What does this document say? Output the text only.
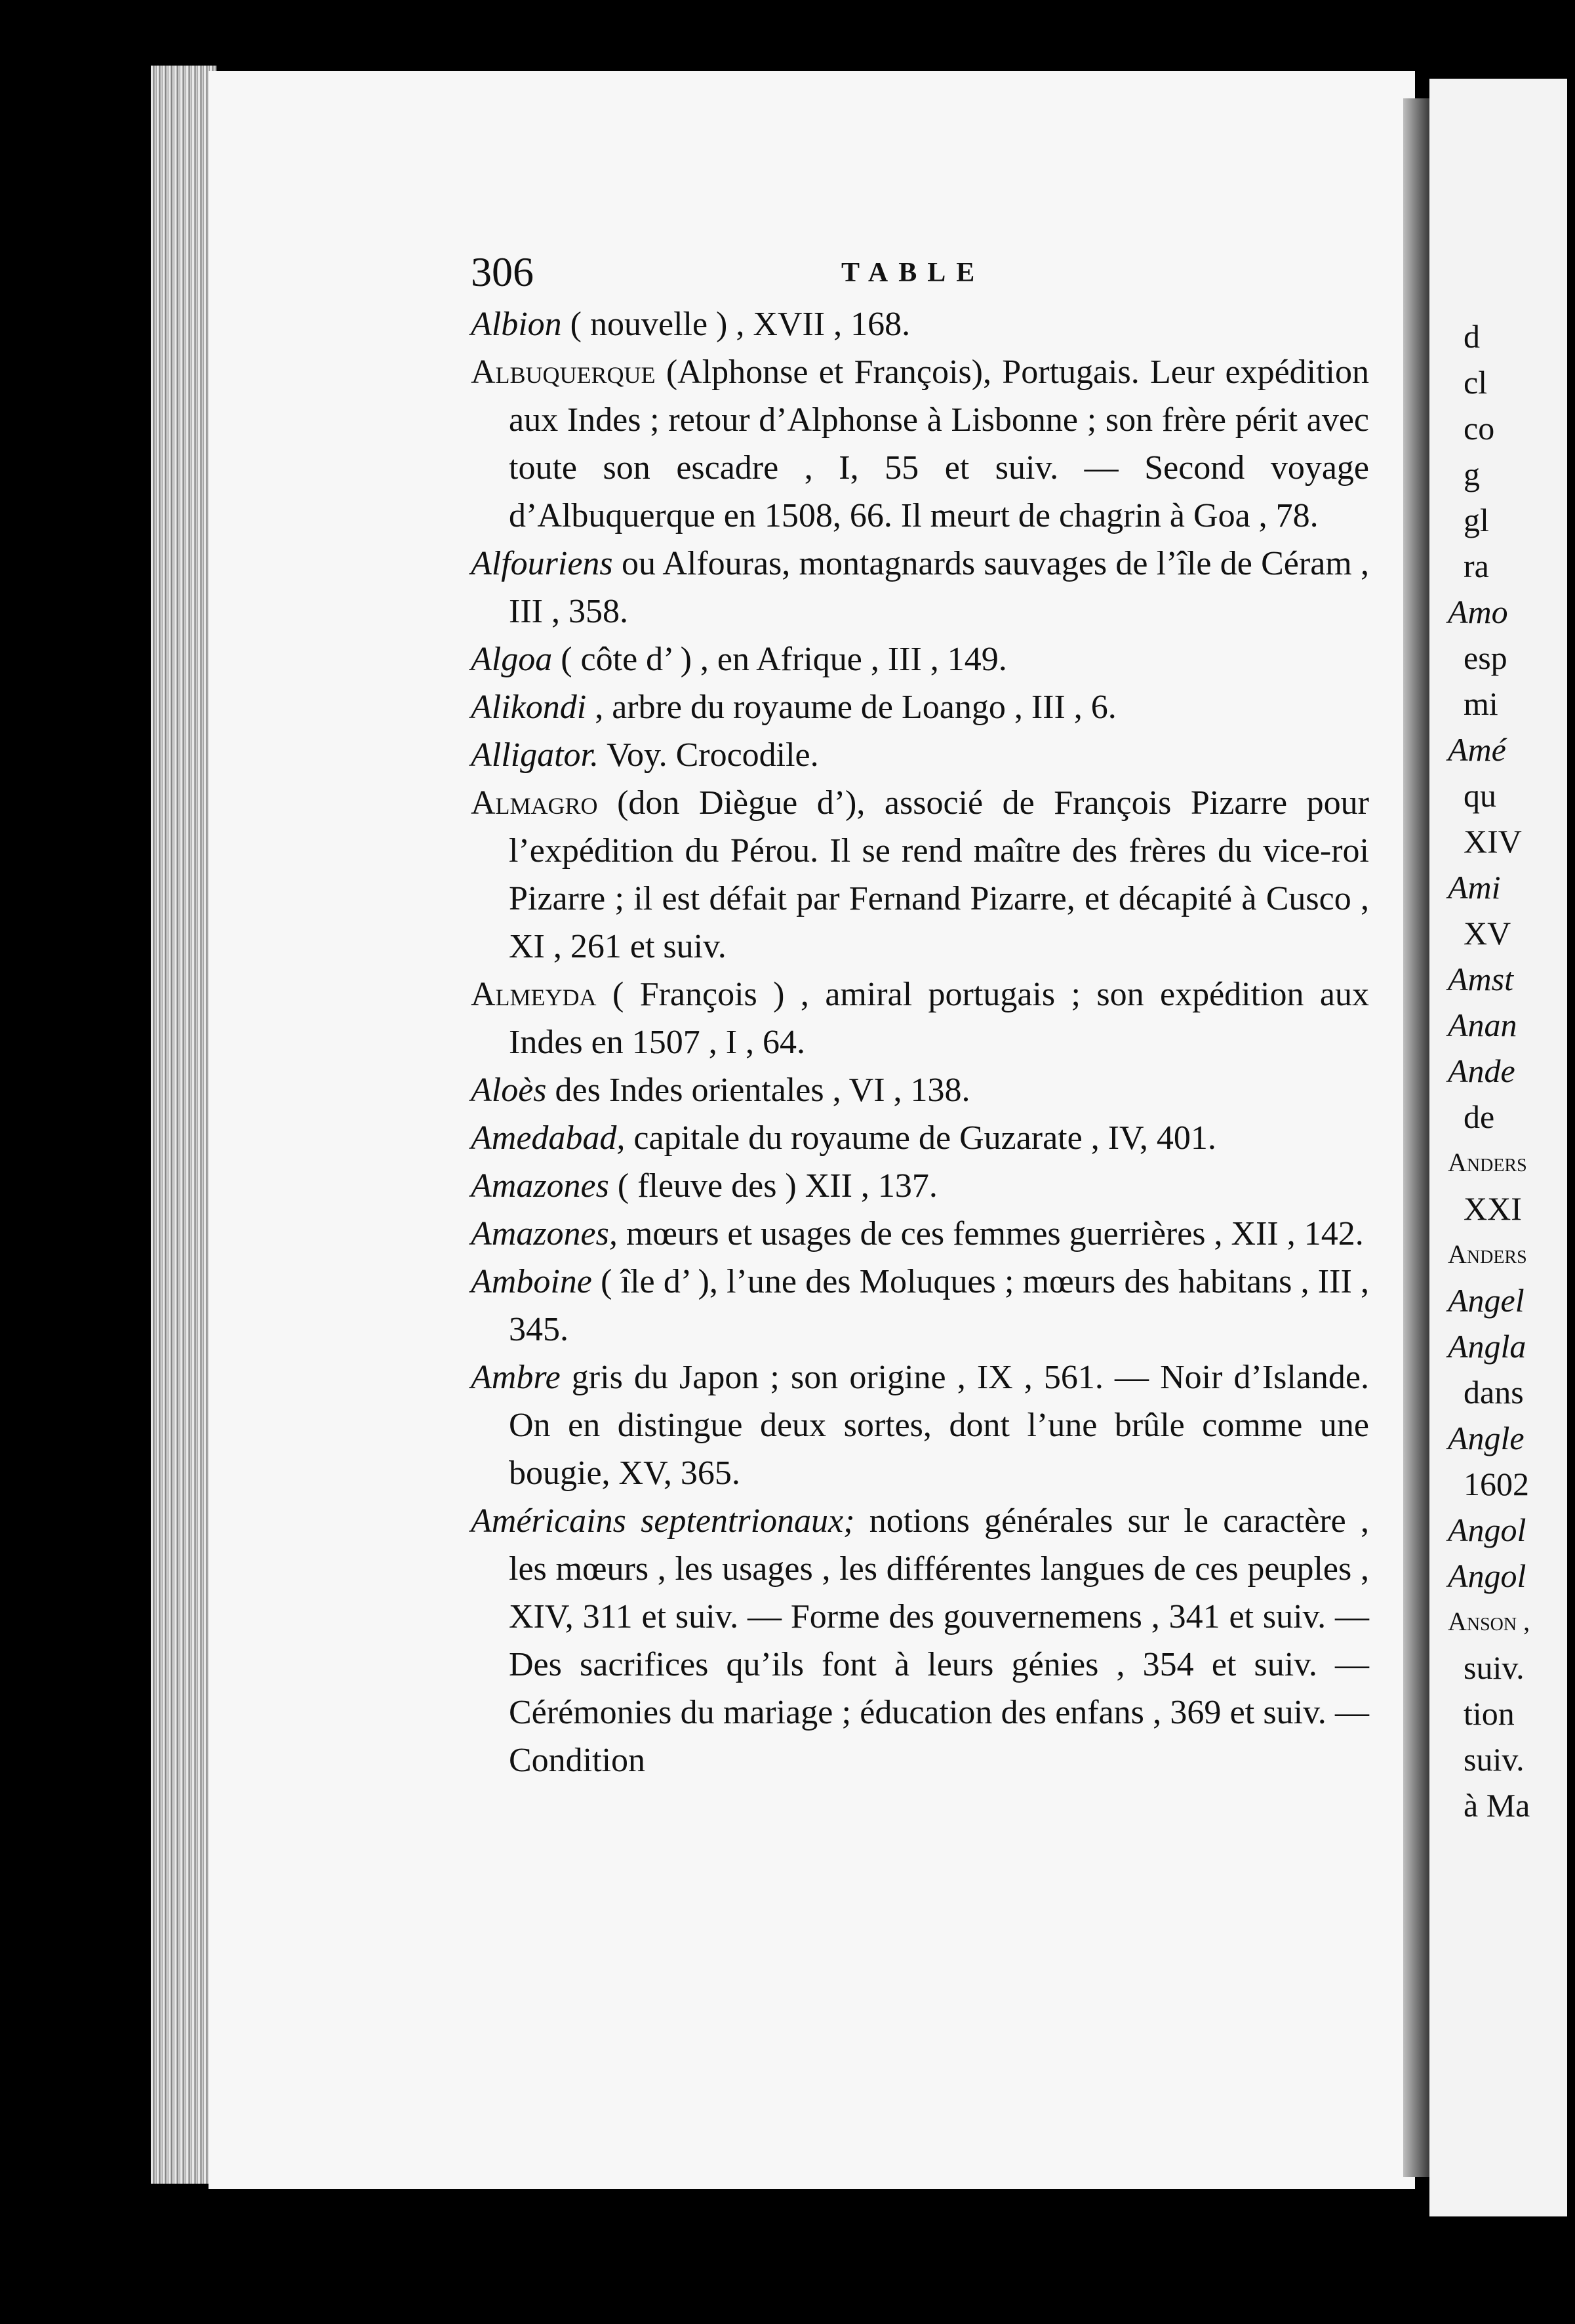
306	TABLE

Albion ( nouvelle ) , XVII , 168.

Albuquerque (Alphonse et François), Portugais. Leur expédition aux Indes ; retour d’Alphonse à Lisbonne ; son frère périt avec toute son escadre , I, 55 et suiv. — Second voyage d’Albuquerque en 1508, 66. Il meurt de chagrin à Goa , 78.

Alfouriens ou Alfouras, montagnards sauvages de l’île de Céram , III , 358.

Algoa ( côte d’ ) , en Afrique , III , 149.

Alikondi , arbre du royaume de Loango , III , 6.

Alligator. Voy. Crocodile.

Almagro (don Diègue d’), associé de François Pizarre pour l’expédition du Pérou. Il se rend maître des frères du vice-roi Pizarre ; il est défait par Fernand Pizarre, et décapité à Cusco , XI , 261 et suiv.

Almeyda ( François ) , amiral portugais ; son expédition aux Indes en 1507 , I , 64.

Aloès des Indes orientales , VI , 138.

Amedabad, capitale du royaume de Guzarate , IV, 401.

Amazones ( fleuve des ) XII , 137.

Amazones, mœurs et usages de ces femmes guerrières , XII , 142.

Amboine ( île d’ ), l’une des Moluques ; mœurs des habitans , III , 345.

Ambre gris du Japon ; son origine , IX , 561. — Noir d’Islande. On en distingue deux sortes, dont l’une brûle comme une bougie, XV, 365.

Américains septentrionaux; notions générales sur le caractère , les mœurs , les usages , les différentes langues de ces peuples , XIV, 311 et suiv. — Forme des gouvernemens , 341 et suiv. — Des sacrifices qu’ils font à leurs génies , 354 et suiv. — Cérémonies du mariage ; éducation des enfans , 369 et suiv. — Condition

d
cl
co
g
gl
ra
Amo
esp
mi
Amé
qu
XIV
Ami
XV
Amst
Anan
Ande
de
Anders
XXI
Anders
Angel
Angla
dans
Angle
1602
Angol
Angol
Anson ,
suiv.
tion
suiv.
à Ma
